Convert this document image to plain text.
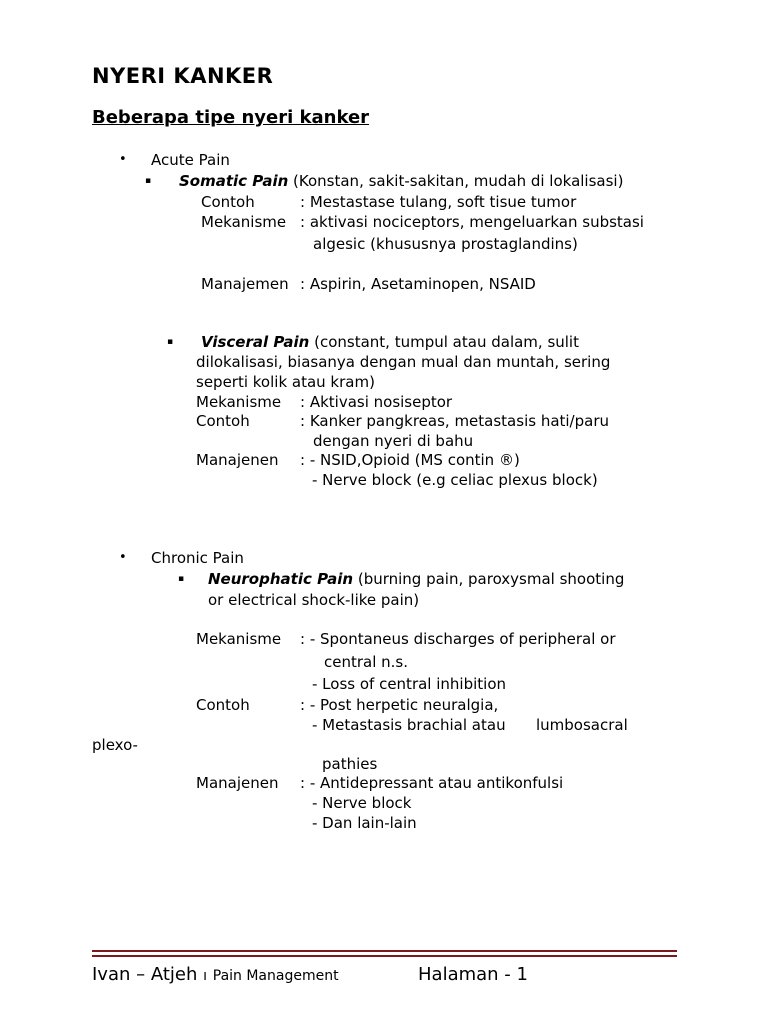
NYERI KANKER
Beberapa tipe nyeri kanker
• Acute Pain
▪ Somatic Pain (Konstan, sakit-sakitan, mudah di lokalisasi)
Contoh	: Mestastase tulang, soft tisue tumor
Mekanisme : aktivasi nociceptors, mengeluarkan substasi
algesic (khususnya prostaglandins)
Manajemen : Aspirin, Asetaminopen, NSAID
▪ Visceral Pain (constant, tumpul atau dalam, sulit
dilokalisasi, biasanya dengan mual dan muntah, sering
seperti kolik atau kram)
Mekanisme : Aktivasi nosiseptor
Contoh	: Kanker pangkreas, metastasis hati/paru
dengan nyeri di bahu
Manajenen : - NSID,Opioid (MS contin ®)
- Nerve block (e.g celiac plexus block)
• Chronic Pain
▪ Neurophatic Pain (burning pain, paroxysmal shooting
or electrical shock-like pain)
Mekanisme : - Spontaneus discharges of peripheral or
central n.s.
- Loss of central inhibition
Contoh	: - Post herpetic neuralgia,
- Metastasis brachial atau lumbosacral
plexo-
pathies
Manajenen : - Antidepressant atau antikonfulsi
- Nerve block
- Dan lain-lain
Ivan – Atjeh ı Pain Management	Halaman - 1
